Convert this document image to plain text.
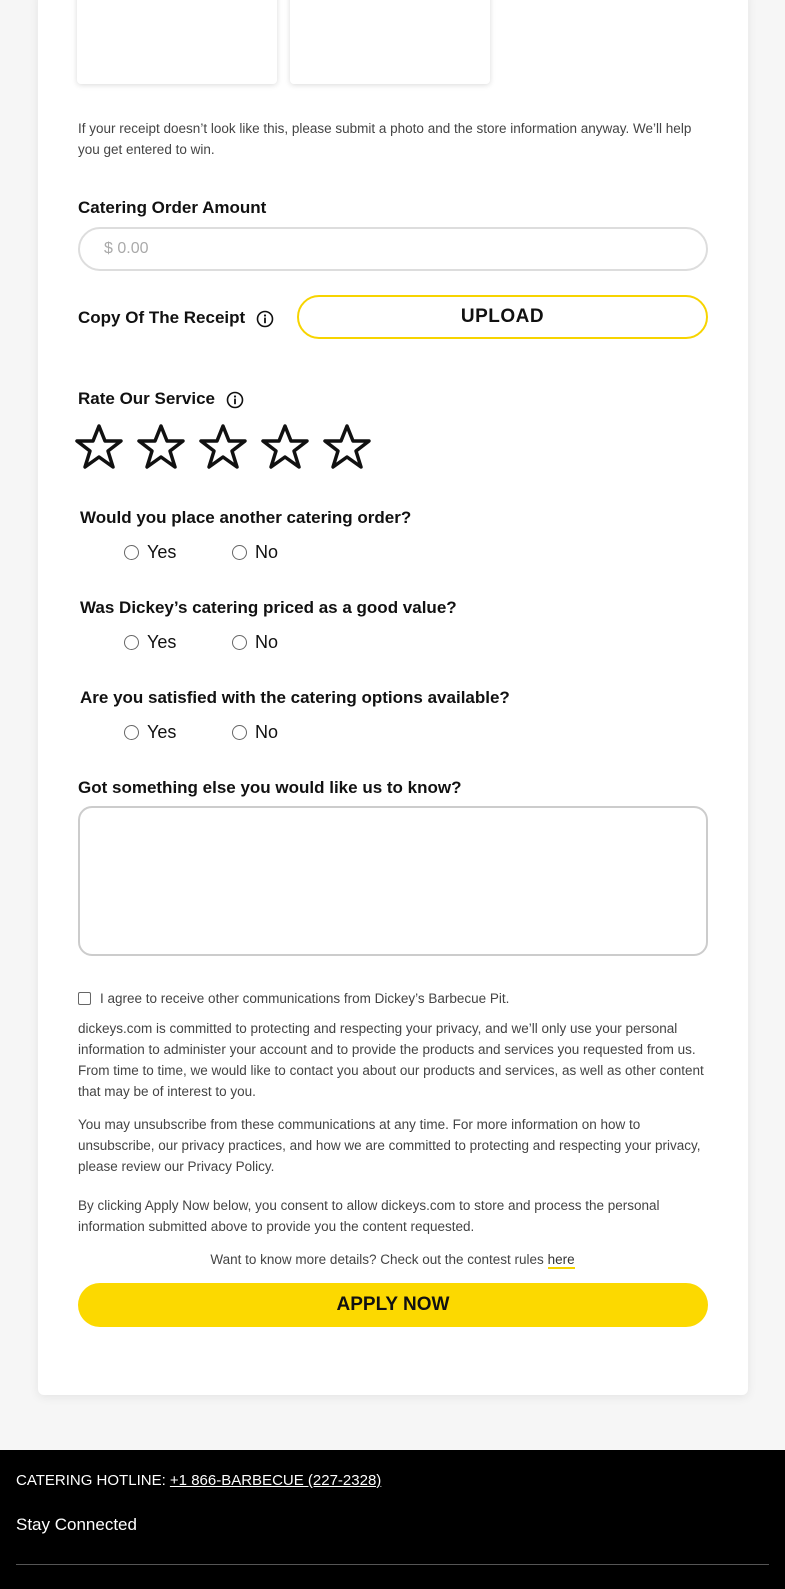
If your receipt doesn’t look like this, please submit a photo and the store information anyway. We’ll help you get entered to win.

Catering Order Amount
$ 0.00
Copy Of The Receipt	UPLOAD
Rate Our Service
Would you place another catering order?
Yes	No
Was Dickey’s catering priced as a good value?
Yes	No
Are you satisfied with the catering options available?
Yes	No
Got something else you would like us to know?
I agree to receive other communications from Dickey’s Barbecue Pit.

dickeys.com is committed to protecting and respecting your privacy, and we’ll only use your personal information to administer your account and to provide the products and services you requested from us. From time to time, we would like to contact you about our products and services, as well as other content that may be of interest to you.

You may unsubscribe from these communications at any time. For more information on how to unsubscribe, our privacy practices, and how we are committed to protecting and respecting your privacy, please review our Privacy Policy.

By clicking Apply Now below, you consent to allow dickeys.com to store and process the personal information submitted above to provide you the content requested.

Want to know more details? Check out the contest rules here

APPLY NOW
CATERING HOTLINE: +1 866-BARBECUE (227-2328)
Stay Connected
